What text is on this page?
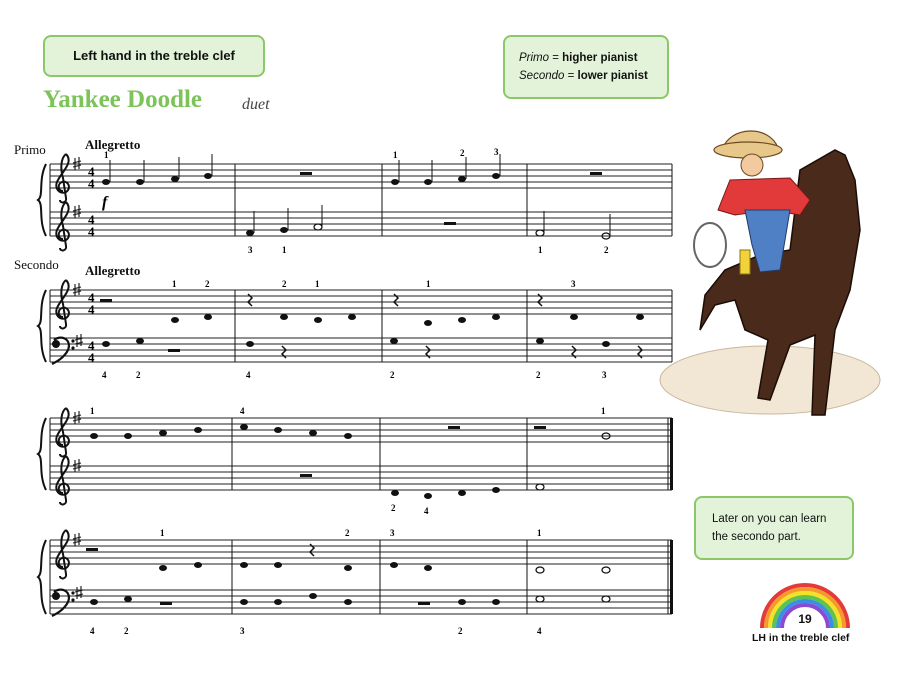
Left hand in the treble clef
Yankee Doodle duet
Primo = higher pianist
Secondo = lower pianist
Primo
Secondo
Allegretto
Allegretto
4
4
4
4
f
1	1	2	3
3	1	1	2
4
4
4
4
1	2	2	1	1	3
4	2	4	2	2	3
1	4	1
2	4
1	2	3	1
4	2	3	2	4
Later on you can learn the secondo part.
19
LH in the treble clef
